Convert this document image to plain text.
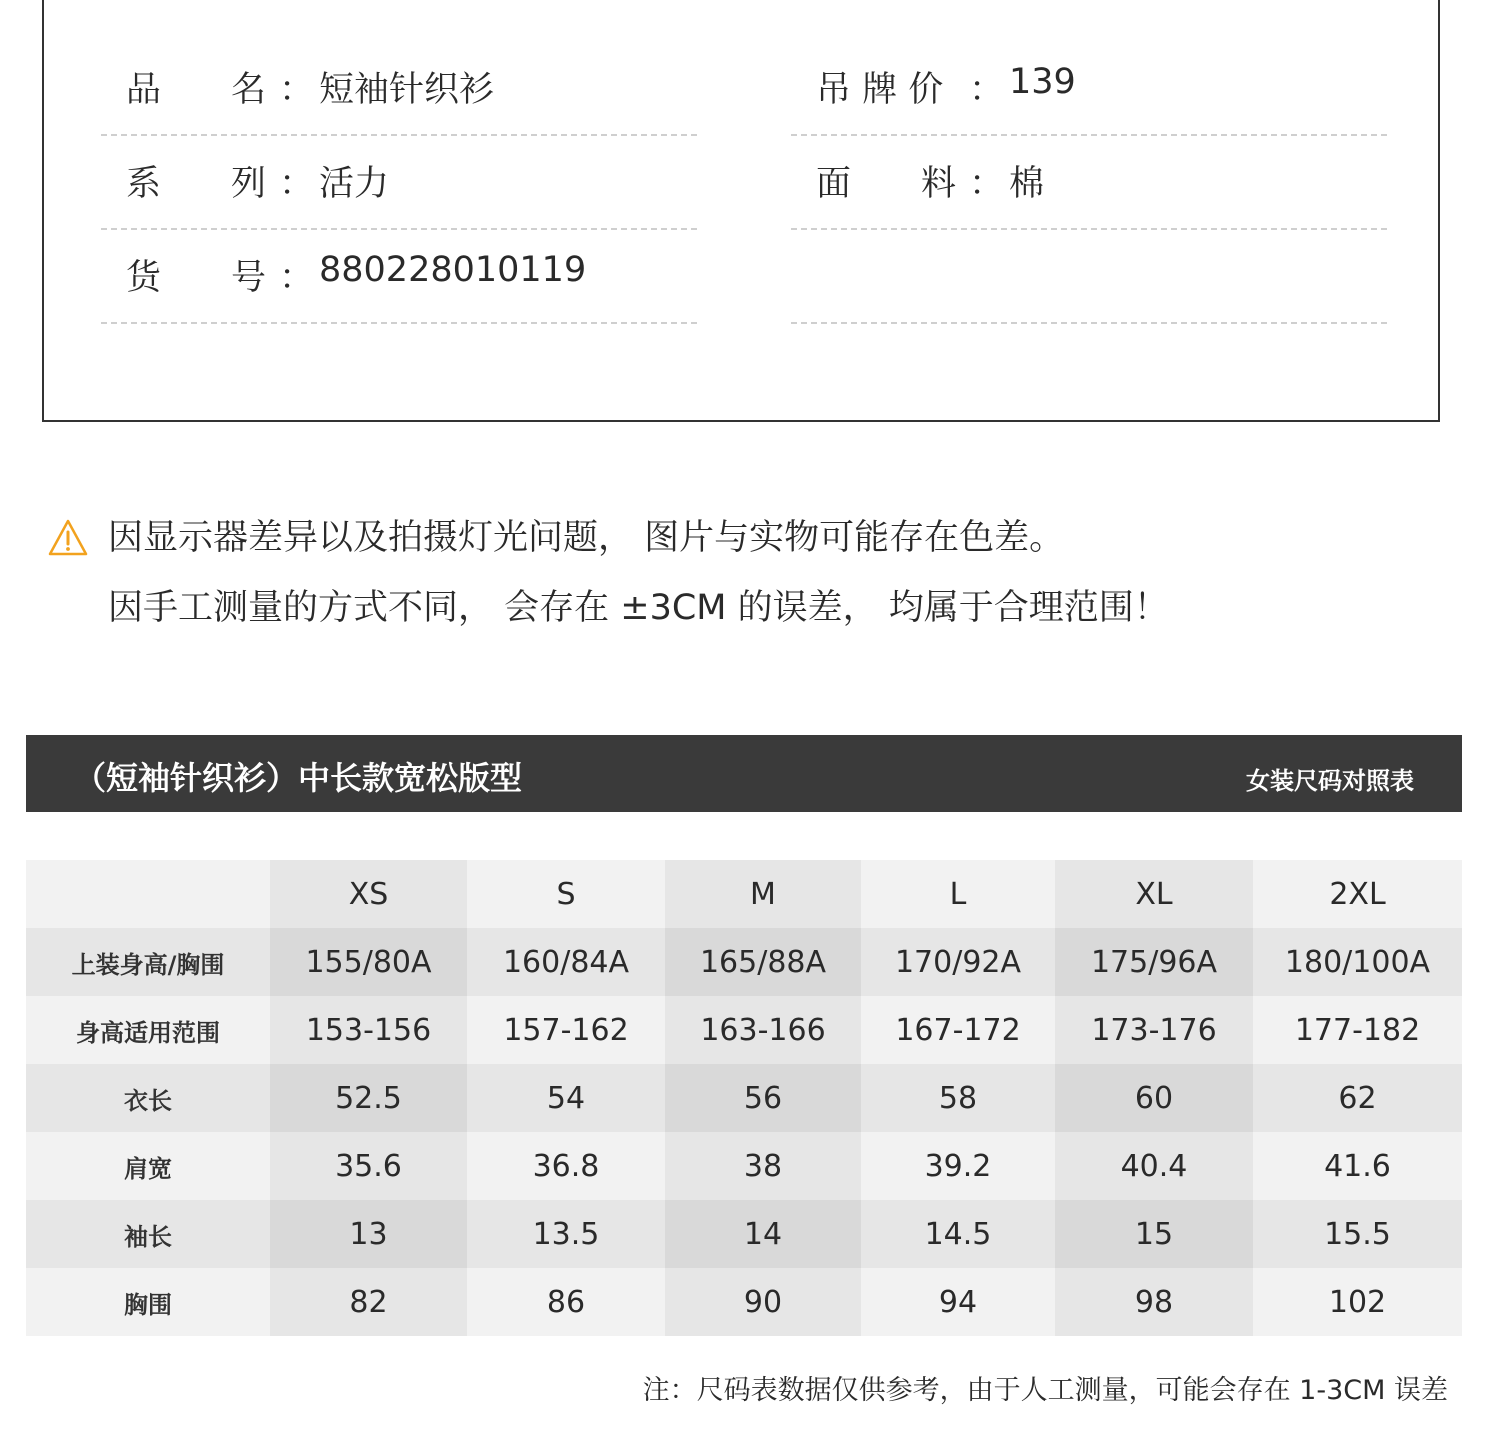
品　　名 ： 短袖针织衫
系　　列 ： 活力
货　　号 ： 880228010119
吊 牌 价 ： 139
面　　料 ： 棉
因显示器差异以及拍摄灯光问题， 图片与实物可能存在色差。
因手工测量的方式不同， 会存在 ±3CM 的误差， 均属于合理范围！
（短袖针织衫）中长款宽松版型	女装尺码对照表
	XS	S	M	L	XL	2XL
上装身高/胸围	155/80A	160/84A	165/88A	170/92A	175/96A	180/100A
身高适用范围	153-156	157-162	163-166	167-172	173-176	177-182
衣长	52.5	54	56	58	60	62
肩宽	35.6	36.8	38	39.2	40.4	41.6
袖长	13	13.5	14	14.5	15	15.5
胸围	82	86	90	94	98	102
注：尺码表数据仅供参考，由于人工测量，可能会存在 1-3CM 误差
